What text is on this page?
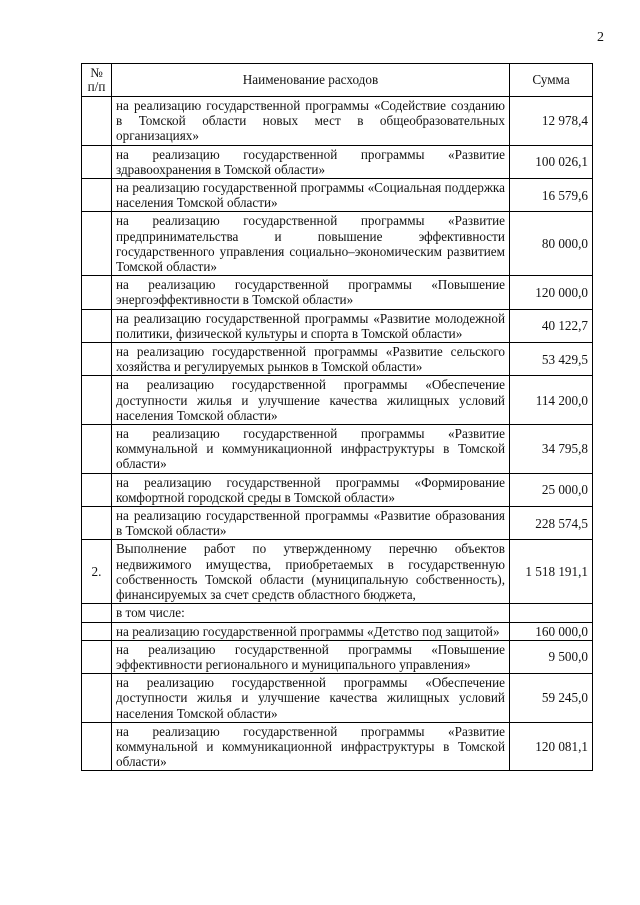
2
№ п/п	Наименование расходов	Сумма
	на реализацию государственной программы «Содействие созданию в Томской области новых мест в общеобразовательных организациях»	12 978,4
	на реализацию государственной программы «Развитие здравоохранения в Томской области»	100 026,1
	на реализацию государственной программы «Социальная поддержка населения Томской области»	16 579,6
	на реализацию государственной программы «Развитие предпринимательства и повышение эффективности государственного управления социально–экономическим развитием Томской области»	80 000,0
	на реализацию государственной программы «Повышение энергоэффективности в Томской области»	120 000,0
	на реализацию государственной программы «Развитие молодежной политики, физической культуры и спорта в Томской области»	40 122,7
	на реализацию государственной программы «Развитие сельского хозяйства и регулируемых рынков в Томской области»	53 429,5
	на реализацию государственной программы «Обеспечение доступности жилья и улучшение качества жилищных условий населения Томской области»	114 200,0
	на реализацию государственной программы «Развитие коммунальной и коммуникационной инфраструктуры в Томской области»	34 795,8
	на реализацию государственной программы «Формирование комфортной городской среды в Томской области»	25 000,0
	на реализацию государственной программы «Развитие образования в Томской области»	228 574,5
2.	Выполнение работ по утвержденному перечню объектов недвижимого имущества, приобретаемых в государственную собственность Томской области (муниципальную собственность), финансируемых за счет средств областного бюджета,	1 518 191,1
	в том числе:	
	на реализацию государственной программы «Детство под защитой»	160 000,0
	на реализацию государственной программы «Повышение эффективности регионального и муниципального управления»	9 500,0
	на реализацию государственной программы «Обеспечение доступности жилья и улучшение качества жилищных условий населения Томской области»	59 245,0
	на реализацию государственной программы «Развитие коммунальной и коммуникационной инфраструктуры в Томской области»	120 081,1
